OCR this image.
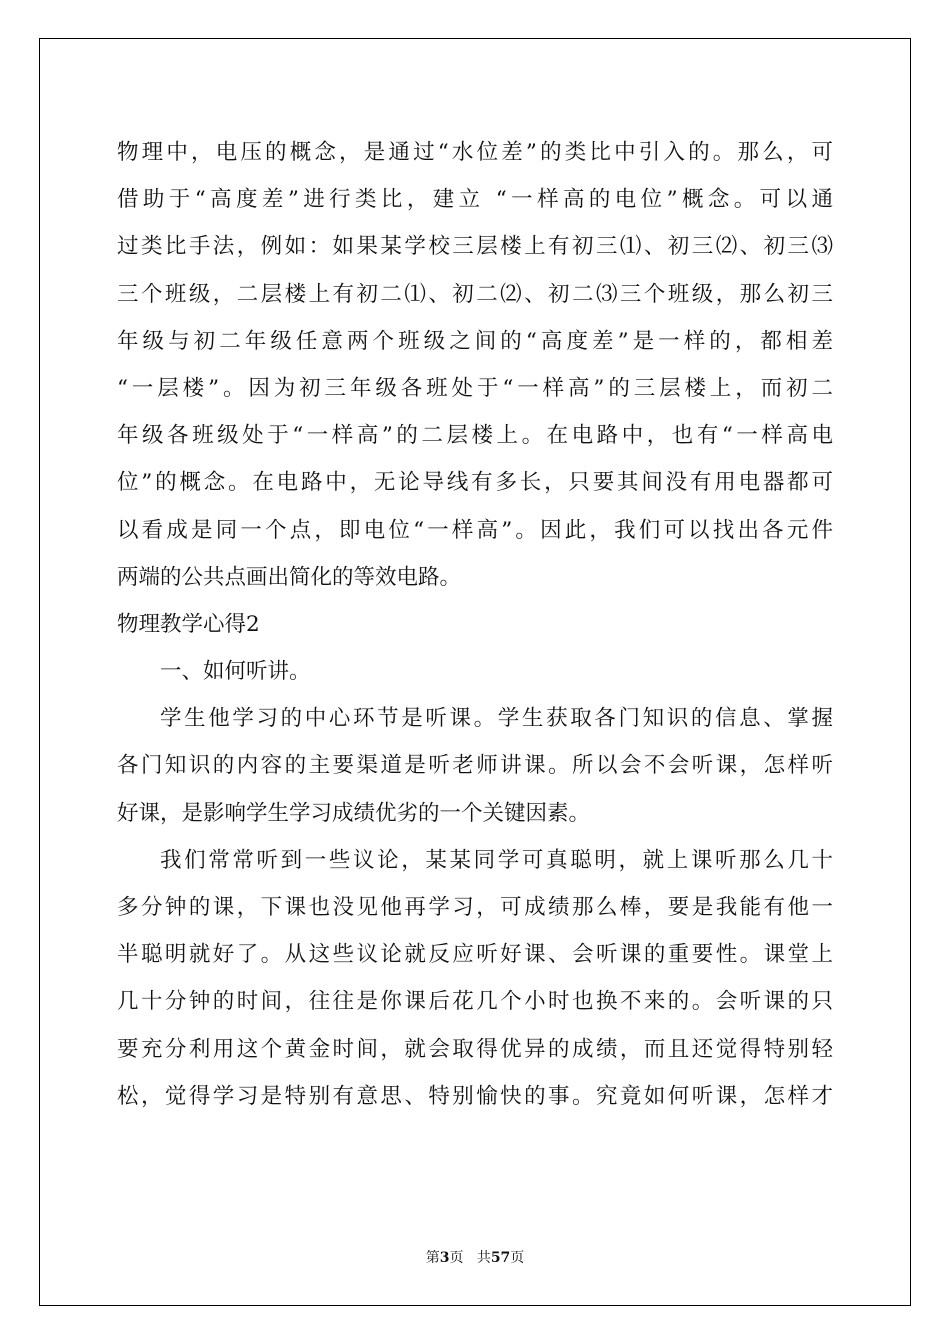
物理中，电压的概念，是通过“水位差”的类比中引入的。那么，可
借助于“高度差”进行类比，建立 “一样高的电位”概念。可以通
过类比手法，例如：如果某学校三层楼上有初三⑴、初三⑵、初三⑶
三个班级，二层楼上有初二⑴、初二⑵、初二⑶三个班级，那么初三
年级与初二年级任意两个班级之间的“高度差”是一样的，都相差
“一层楼”。因为初三年级各班处于“一样高”的三层楼上，而初二
年级各班级处于“一样高”的二层楼上。在电路中，也有“一样高电
位”的概念。在电路中，无论导线有多长，只要其间没有用电器都可
以看成是同一个点，即电位“一样高”。因此，我们可以找出各元件
两端的公共点画出简化的等效电路。
物理教学心得2
一、如何听讲。
学生他学习的中心环节是听课。学生获取各门知识的信息、掌握
各门知识的内容的主要渠道是听老师讲课。所以会不会听课，怎样听
好课，是影响学生学习成绩优劣的一个关键因素。
我们常常听到一些议论，某某同学可真聪明，就上课听那么几十
多分钟的课，下课也没见他再学习，可成绩那么棒，要是我能有他一
半聪明就好了。从这些议论就反应听好课、会听课的重要性。课堂上
几十分钟的时间，往往是你课后花几个小时也换不来的。会听课的只
要充分利用这个黄金时间，就会取得优异的成绩，而且还觉得特别轻
松，觉得学习是特别有意思、特别愉快的事。究竟如何听课，怎样才
第3页 共57页
